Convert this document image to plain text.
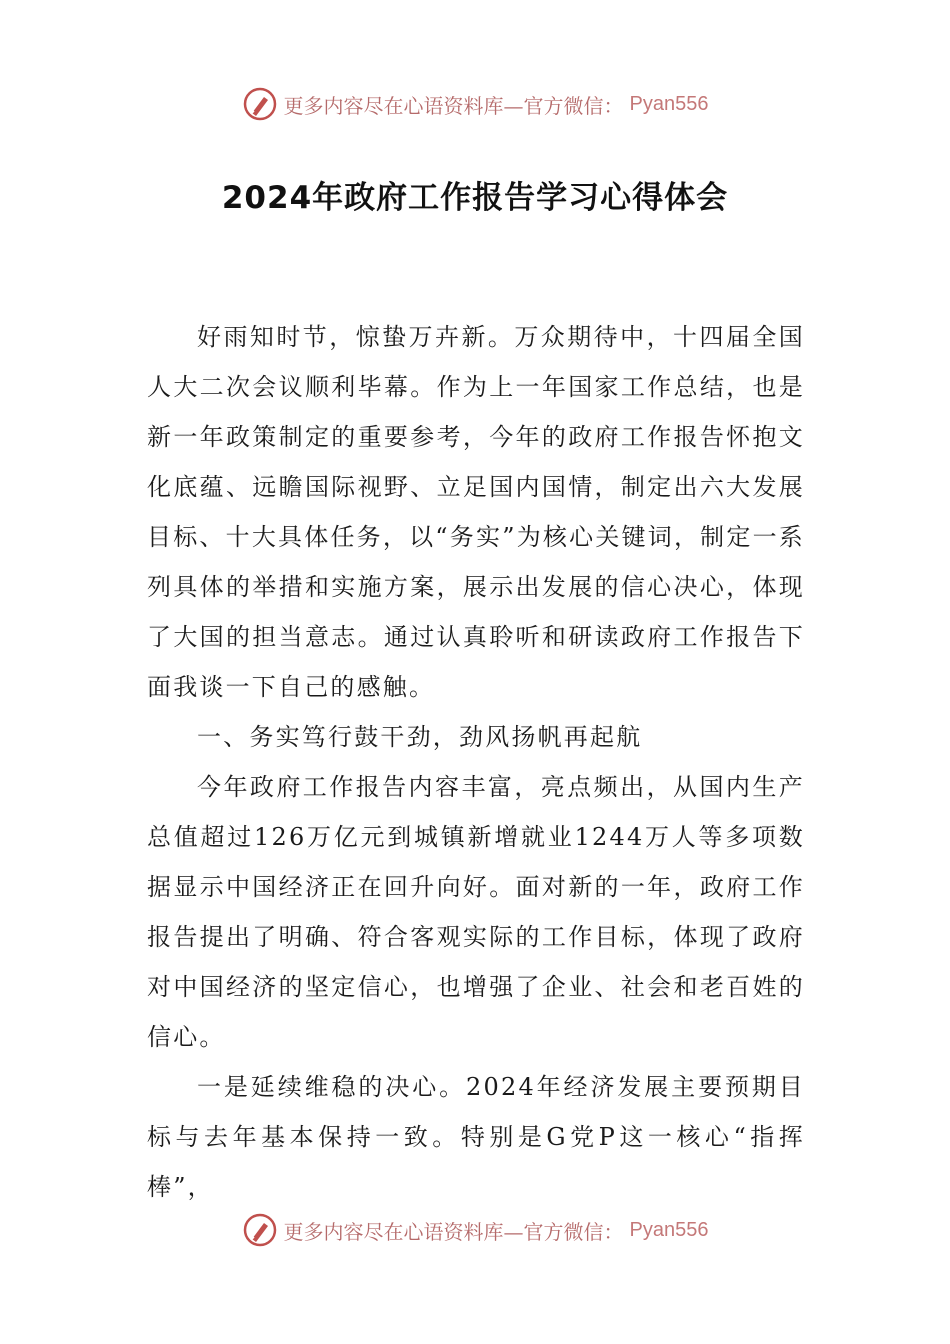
更多内容尽在心语资料库—官方微信： Pyan556
2024年政府工作报告学习心得体会

好雨知时节，惊蛰万卉新。万众期待中，十四届全国人大二次会议顺利毕幕。作为上一年国家工作总结，也是新一年政策制定的重要参考，今年的政府工作报告怀抱文化底蕴、远瞻国际视野、立足国内国情，制定出六大发展目标、十大具体任务，以“务实”为核心关键词，制定一系列具体的举措和实施方案，展示出发展的信心决心，体现了大国的担当意志。通过认真聆听和研读政府工作报告下面我谈一下自己的感触。

一、务实笃行鼓干劲，劲风扬帆再起航

今年政府工作报告内容丰富，亮点频出，从国内生产总值超过126万亿元到城镇新增就业1244万人等多项数据显示中国经济正在回升向好。面对新的一年，政府工作报告提出了明确、符合客观实际的工作目标，体现了政府对中国经济的坚定信心，也增强了企业、社会和老百姓的信心。

一是延续维稳的决心。2024年经济发展主要预期目标与去年基本保持一致。特别是G党P这一核心“指挥棒”，

更多内容尽在心语资料库—官方微信： Pyan556
